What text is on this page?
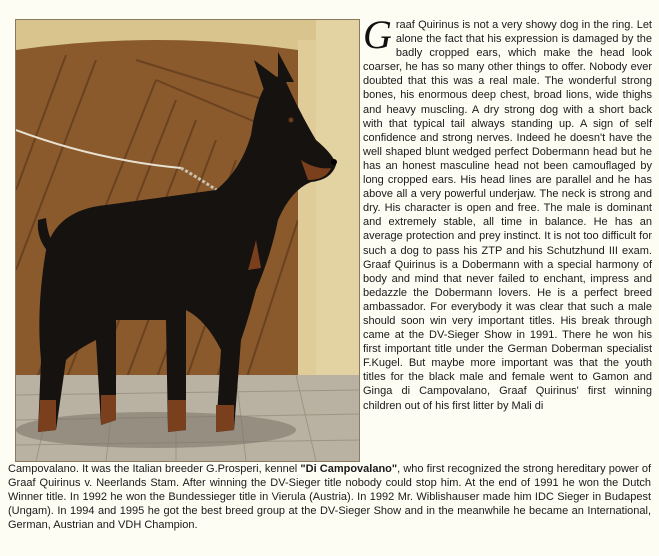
Graaf Quirinus is not a very showy dog in the ring. Let alone the fact that his expression is damaged by the badly cropped ears, which make the head look coarser, he has so many other things to offer. Nobody ever doubted that this was a real male. The wonderful strong bones, his enormous deep chest, broad lions, wide thighs and heavy muscling. A dry strong dog with a short back with that typical tail always standing up. A sign of self confidence and strong nerves. Indeed he doesn't have the well shaped blunt wedged perfect Dobermann head but he has an honest masculine head not been camouflaged by long cropped ears. His head lines are parallel and he has above all a very powerful underjaw. The neck is strong and dry. His character is open and free. The male is dominant and extremely stable, all time in balance. He has an average protection and prey instinct. It is not too difficult for such a dog to pass his ZTP and his Schutzhund III exam. Graaf Quirinus is a Dobermann with a special harmony of body and mind that never failed to enchant, impress and bedazzle the Dobermann lovers. He is a perfect breed ambassador. For everybody it was clear that such a male should soon win very important titles. His break through came at the DV-Sieger Show in 1991. There he won his first important title under the German Doberman specialist F.Kugel. But maybe more important was that the youth titles for the black male and female went to Gamon and Ginga di Campovalano, Graaf Quirinus' first winning children out of his first litter by Mali di
Campovalano. It was the Italian breeder G.Prosperi, kennel "Di Campovalano", who first recognized the strong hereditary power of Graaf Quirinus v. Neerlands Stam. After winning the DV-Sieger title nobody could stop him. At the end of 1991 he won the Dutch Winner title. In 1992 he won the Bundessieger title in Vierula (Austria). In 1992 Mr. Wiblishauser made him IDC Sieger in Budapest (Ungam). In 1994 and 1995 he got the best breed group at the DV-Sieger Show and in the meanwhile he became an International, German, Austrian and VDH Champion.
